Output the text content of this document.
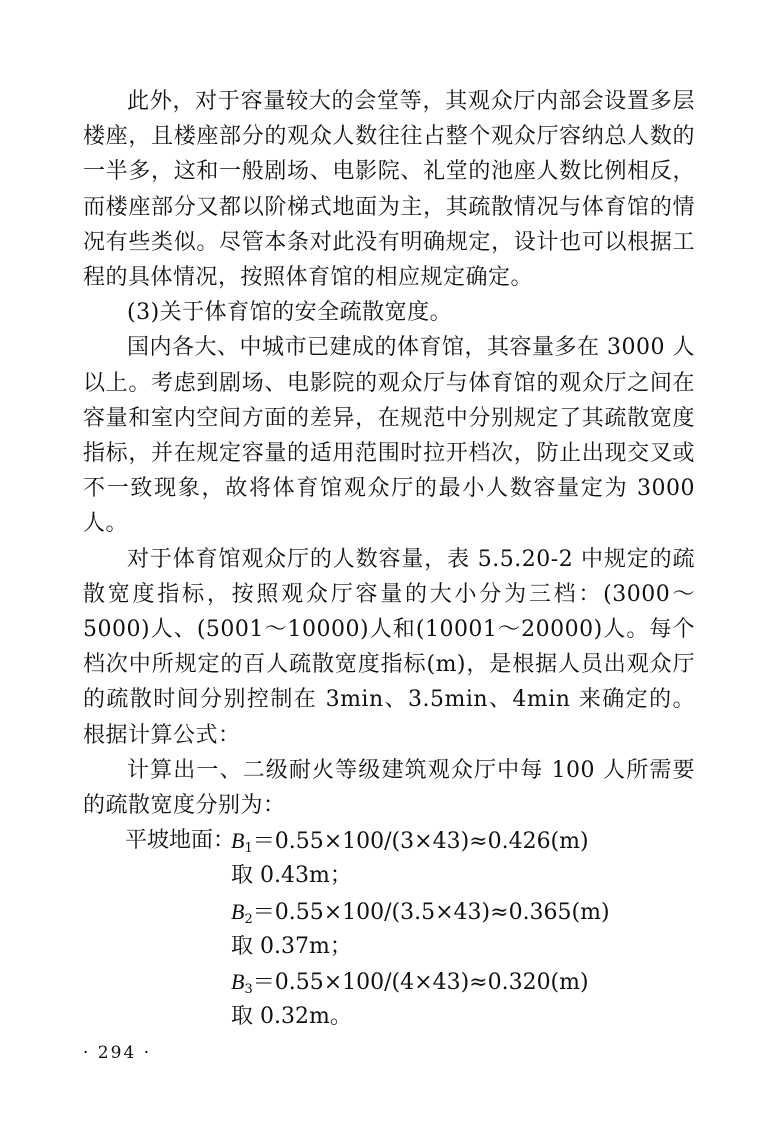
此外，对于容量较大的会堂等，其观众厅内部会设置多层楼座，且楼座部分的观众人数往往占整个观众厅容纳总人数的一半多，这和一般剧场、电影院、礼堂的池座人数比例相反，而楼座部分又都以阶梯式地面为主，其疏散情况与体育馆的情况有些类似。尽管本条对此没有明确规定，设计也可以根据工程的具体情况，按照体育馆的相应规定确定。

(3)关于体育馆的安全疏散宽度。

国内各大、中城市已建成的体育馆，其容量多在 3000 人以上。考虑到剧场、电影院的观众厅与体育馆的观众厅之间在容量和室内空间方面的差异，在规范中分别规定了其疏散宽度指标，并在规定容量的适用范围时拉开档次，防止出现交叉或不一致现象，故将体育馆观众厅的最小人数容量定为 3000 人。

对于体育馆观众厅的人数容量，表 5.5.20-2 中规定的疏散宽度指标，按照观众厅容量的大小分为三档：(3000～5000)人、(5001～10000)人和(10001～20000)人。每个档次中所规定的百人疏散宽度指标(m)，是根据人员出观众厅的疏散时间分别控制在 3min、3.5min、4min 来确定的。根据计算公式：

计算出一、二级耐火等级建筑观众厅中每 100 人所需要的疏散宽度分别为：

平坡地面：
$B_1=0.55\times 100/(3\times 43)\approx 0.426(m)$
取 0.43m；
$B_2=0.55\times 100/(3.5\times 43)\approx 0.365(m)$
取 0.37m；
$B_3=0.55\times 100/(4\times 43)\approx 0.320(m)$
取 0.32m。
· 294 ·
